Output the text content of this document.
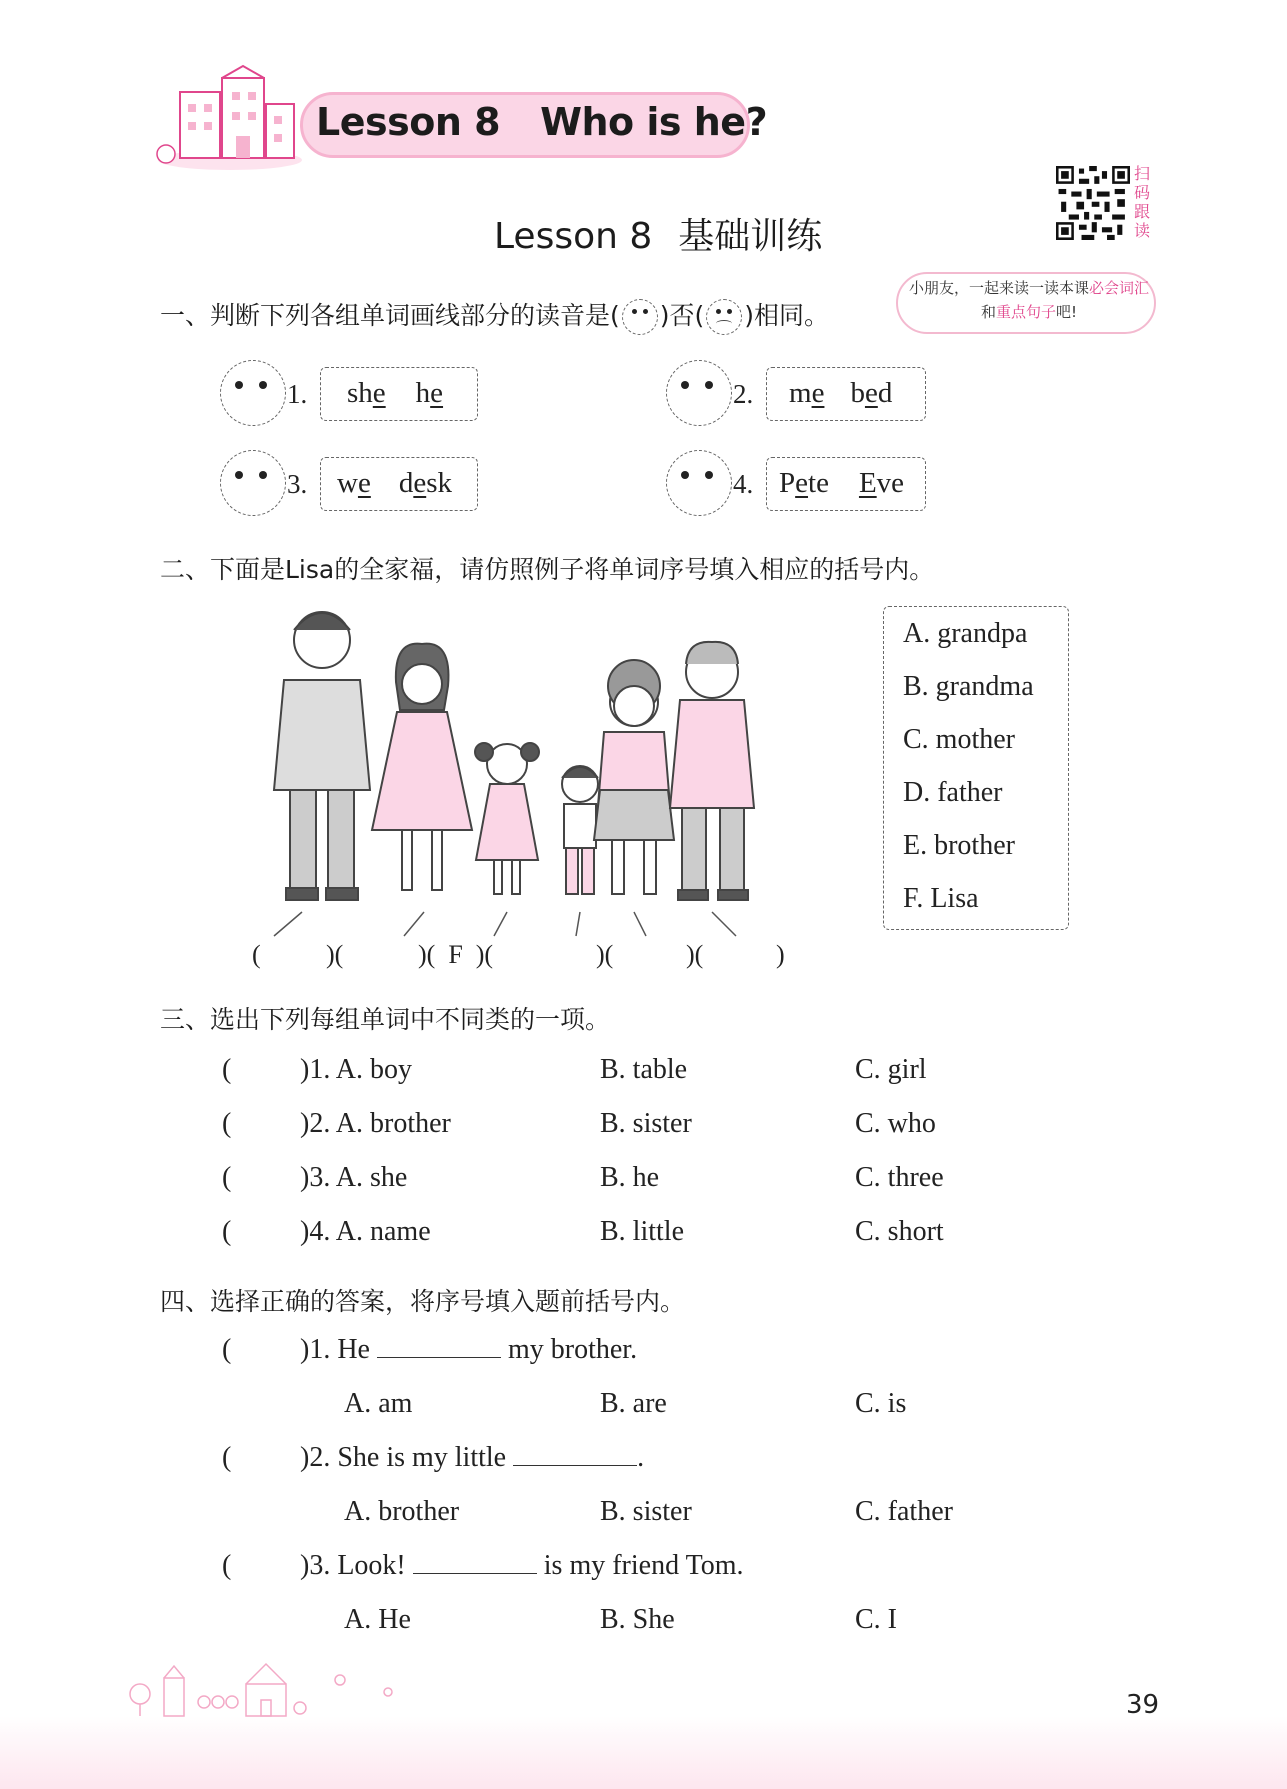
Lesson 8 Who is he?
Lesson 8 基础训练
扫码跟读
小朋友，一起来读一读本课必会词汇和重点句子吧!
一、判断下列各组单词画线部分的读音是( )否( )相同。
1.	she he	2.	me bed
3.	we desk	4. Pete Eve
二、下面是Lisa的全家福，请仿照例子将单词序号填入相应的括号内。
A. grandpa
B. grandma
C. mother
D. father
E. brother
F. Lisa
(	)(	)(  F  )(	)(	)(	)
三、选出下列每组单词中不同类的一项。
( )1. A. boy	B. table	C. girl
( )2. A. brother	B. sister	C. who
( )3. A. she	B. he	C. three
( )4. A. name	B. little	C. short
四、选择正确的答案，将序号填入题前括号内。
( )1. He	my brother.
A. am	B. are	C. is
( )2. She is my little	.
A. brother	B. sister	C. father
( )3. Look!	is my friend Tom.
A. He	B. She	C. I
39
